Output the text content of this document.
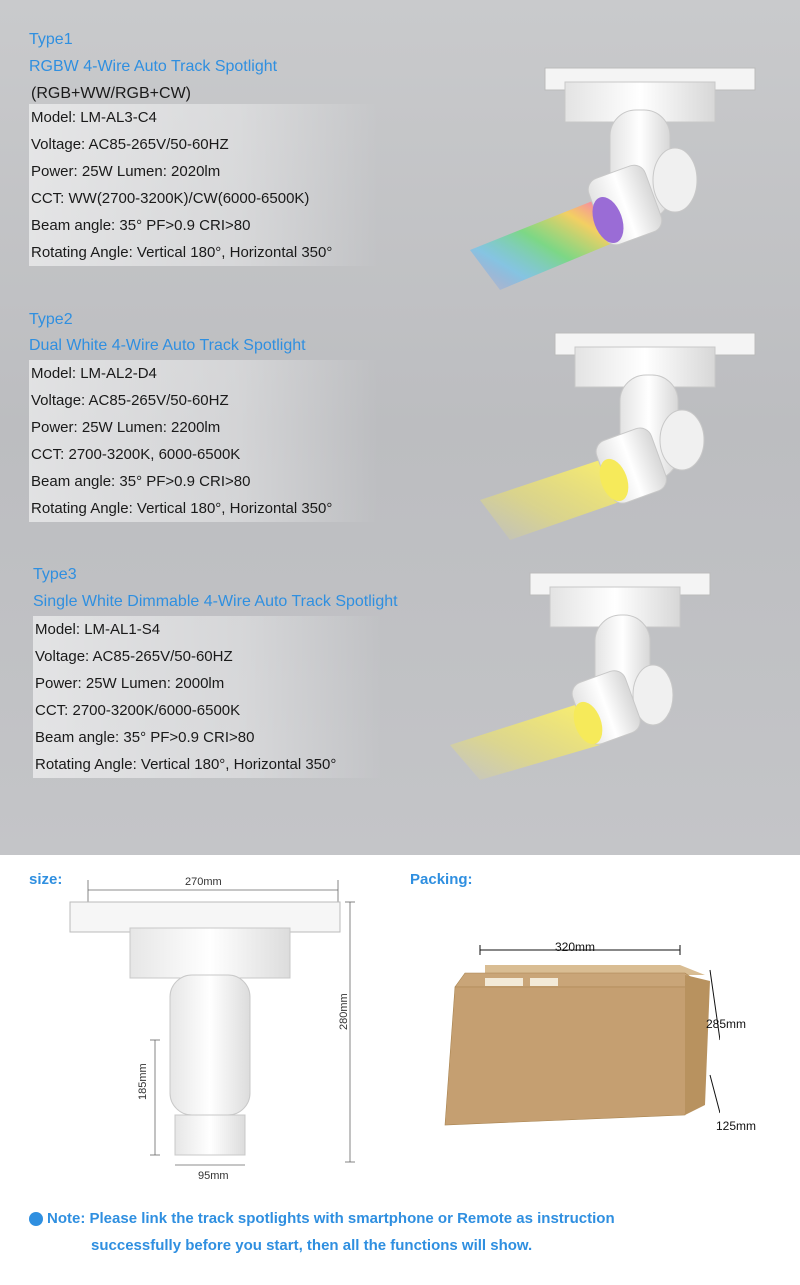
Type1
RGBW 4-Wire Auto Track Spotlight
(RGB+WW/RGB+CW)
Model: LM-AL3-C4
Voltage: AC85-265V/50-60HZ
Power: 25W Lumen: 2020lm
CCT: WW(2700-3200K)/CW(6000-6500K)
Beam angle: 35° PF>0.9 CRI>80
Rotating Angle: Vertical 180°, Horizontal 350°
Type2
Dual White 4-Wire Auto Track Spotlight
Model: LM-AL2-D4
Voltage: AC85-265V/50-60HZ
Power: 25W Lumen: 2200lm
CCT: 2700-3200K, 6000-6500K
Beam angle: 35° PF>0.9 CRI>80
Rotating Angle: Vertical 180°, Horizontal 350°
Type3
Single White Dimmable 4-Wire Auto Track Spotlight
Model: LM-AL1-S4
Voltage: AC85-265V/50-60HZ
Power: 25W Lumen: 2000lm
CCT: 2700-3200K/6000-6500K
Beam angle: 35° PF>0.9 CRI>80
Rotating Angle: Vertical 180°, Horizontal 350°
size:	270mm
280mm
185mm
95mm
Packing:
320mm
285mm
125mm
Note: Please link the track spotlights with smartphone or Remote as instruction
successfully before you start, then all the functions will show.
